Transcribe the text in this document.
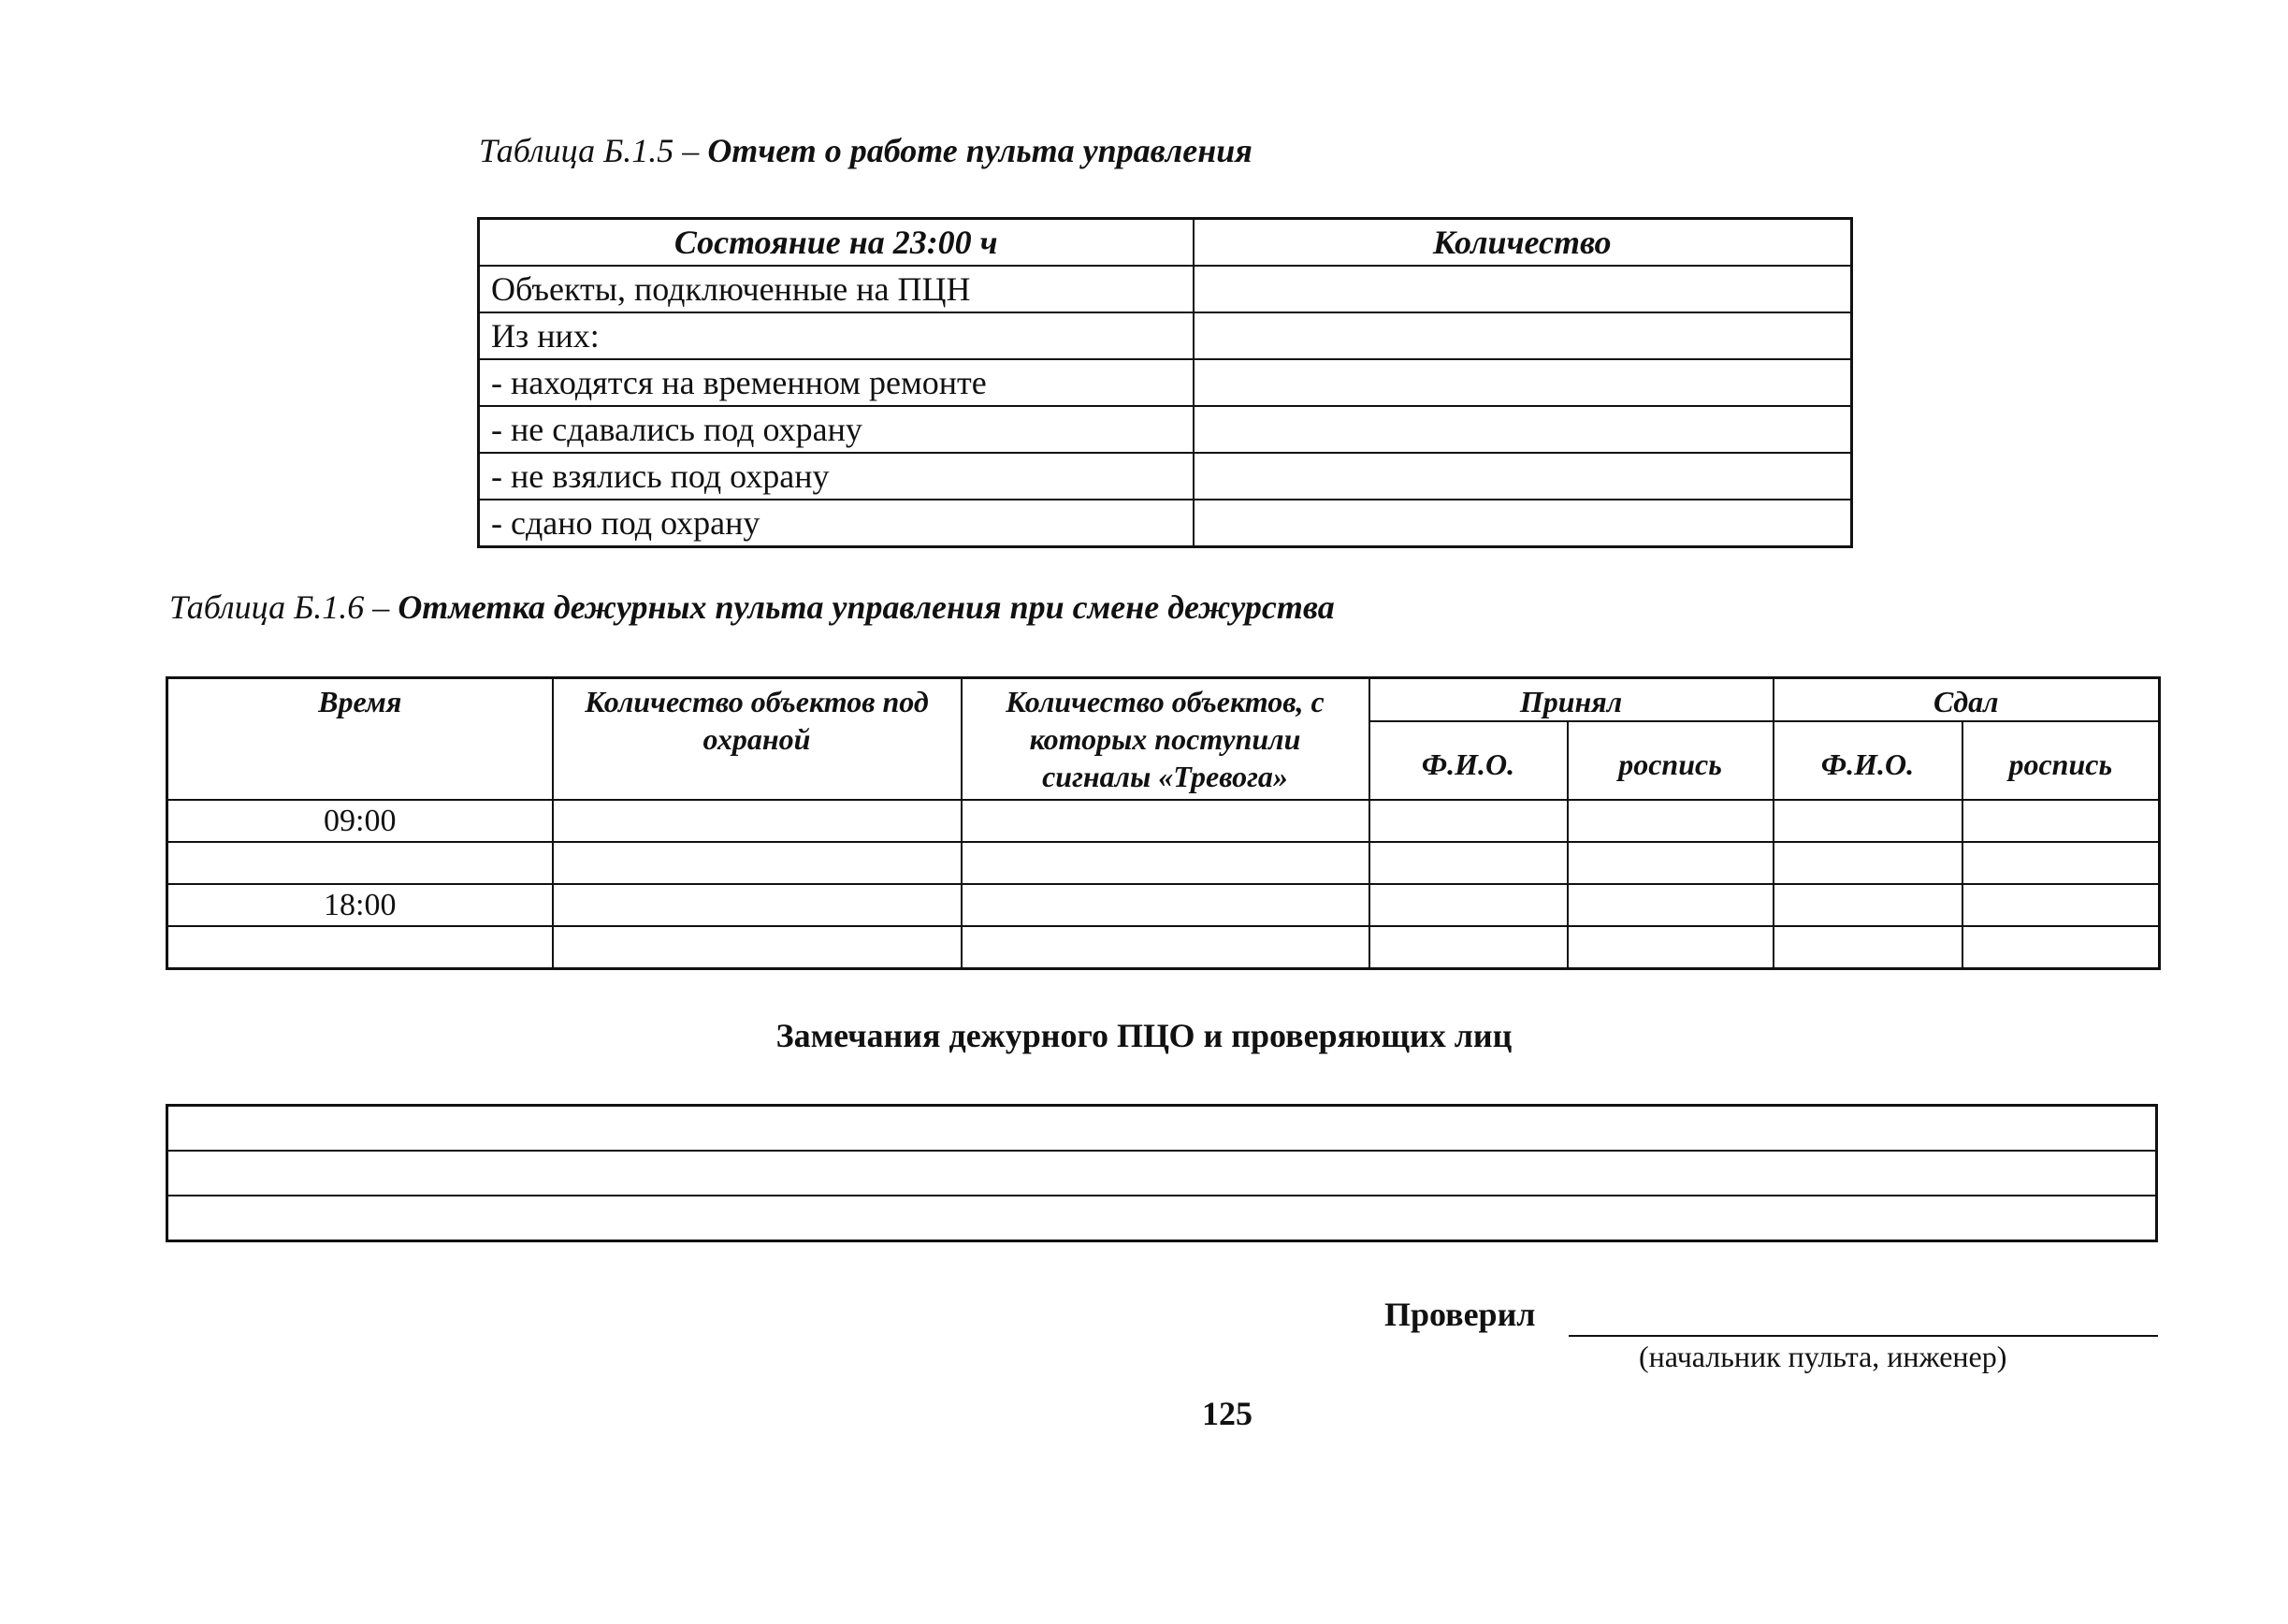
Таблица Б.1.5 – Отчет о работе пульта управления
Состояние на 23:00 ч	Количество
Объекты, подключенные на ПЦН	
Из них:	
- находятся на временном ремонте	
- не сдавались под охрану	
- не взялись под охрану	
- сдано под охрану	
Таблица Б.1.6 – Отметка дежурных пульта управления при смене дежурства
Время	Количество объектов под охраной	Количество объектов, с которых поступили сигналы «Тревога»	Принял		Сдал	
			Ф.И.О.	роспись	Ф.И.О.	роспись
09:00						

18:00						

Замечания дежурного ПЦО и проверяющих лиц

Проверил
(начальник пульта, инженер)
125
